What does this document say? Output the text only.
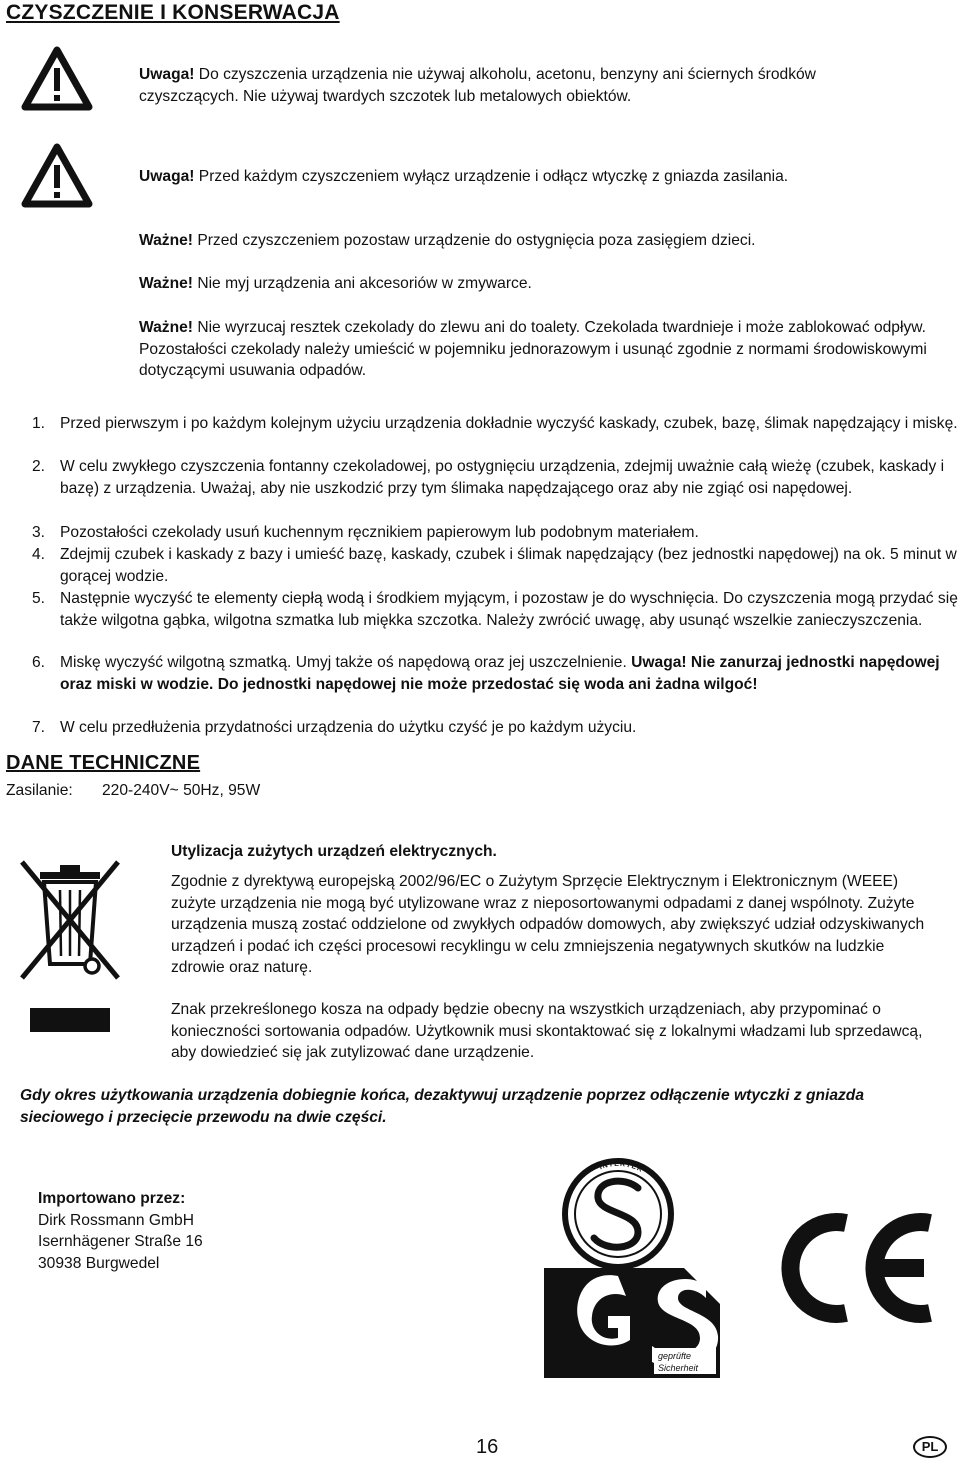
CZYSZCZENIE I KONSERWACJA
Uwaga! Do czyszczenia urządzenia nie używaj alkoholu, acetonu, benzyny ani ściernych środków czyszczących. Nie używaj twardych szczotek lub metalowych obiektów.
Uwaga! Przed każdym czyszczeniem wyłącz urządzenie i odłącz wtyczkę z gniazda zasilania.
Ważne! Przed czyszczeniem pozostaw urządzenie do ostygnięcia poza zasięgiem dzieci.
Ważne! Nie myj urządzenia ani akcesoriów w zmywarce.
Ważne! Nie wyrzucaj resztek czekolady do zlewu ani do toalety. Czekolada twardnieje i może zablokować odpływ. Pozostałości czekolady należy umieścić w pojemniku jednorazowym i usunąć zgodnie z normami środowiskowymi dotyczącymi usuwania odpadów.
1. Przed pierwszym i po każdym kolejnym użyciu urządzenia dokładnie wyczyść kaskady, czubek, bazę, ślimak napędzający i miskę.
2. W celu zwykłego czyszczenia fontanny czekoladowej, po ostygnięciu urządzenia, zdejmij uważnie całą wieżę (czubek, kaskady i bazę) z urządzenia. Uważaj, aby nie uszkodzić przy tym ślimaka napędzającego oraz aby nie zgiąć osi napędowej.
3. Pozostałości czekolady usuń kuchennym ręcznikiem papierowym lub podobnym materiałem.
4. Zdejmij czubek i kaskady z bazy i umieść bazę, kaskady, czubek i ślimak napędzający (bez jednostki napędowej) na ok. 5 minut w gorącej wodzie.
5. Następnie wyczyść te elementy ciepłą wodą i środkiem myjącym, i pozostaw je do wyschnięcia. Do czyszczenia mogą przydać się także wilgotna gąbka, wilgotna szmatka lub miękka szczotka. Należy zwrócić uwagę, aby usunąć wszelkie zanieczyszczenia.
6. Miskę wyczyść wilgotną szmatką. Umyj także oś napędową oraz jej uszczelnienie. Uwaga! Nie zanurzaj jednostki napędowej oraz miski w wodzie. Do jednostki napędowej nie może przedostać się woda ani żadna wilgoć!
7. W celu przedłużenia przydatności urządzenia do użytku czyść je po każdym użyciu.
DANE TECHNICZNE
Zasilanie: 220-240V~ 50Hz, 95W
Utylizacja zużytych urządzeń elektrycznych.
Zgodnie z dyrektywą europejską 2002/96/EC o Zużytym Sprzęcie Elektrycznym i Elektronicznym (WEEE) zużyte urządzenia nie mogą być utylizowane wraz z nieposortowanymi odpadami z danej wspólnoty. Zużyte urządzenia muszą zostać oddzielone od zwykłych odpadów domowych, aby zwiększyć udział odzyskiwanych urządzeń i podać ich części procesowi recyklingu w celu zmniejszenia negatywnych skutków na ludzkie zdrowie oraz naturę.
Znak przekreślonego kosza na odpady będzie obecny na wszystkich urządzeniach, aby przypominać o konieczności sortowania odpadów. Użytkownik musi skontaktować się z lokalnymi władzami lub sprzedawcą, aby dowiedzieć się jak zutylizować dane urządzenie.
Gdy okres użytkowania urządzenia dobiegnie końca, dezaktywuj urządzenie poprzez odłączenie wtyczki z gniazda sieciowego i przecięcie przewodu na dwie części.
Importowano przez:
Dirk Rossmann GmbH
Isernhägener Straße 16
30938 Burgwedel
INTERTEK
geprüfte
Sicherheit
16	PL
